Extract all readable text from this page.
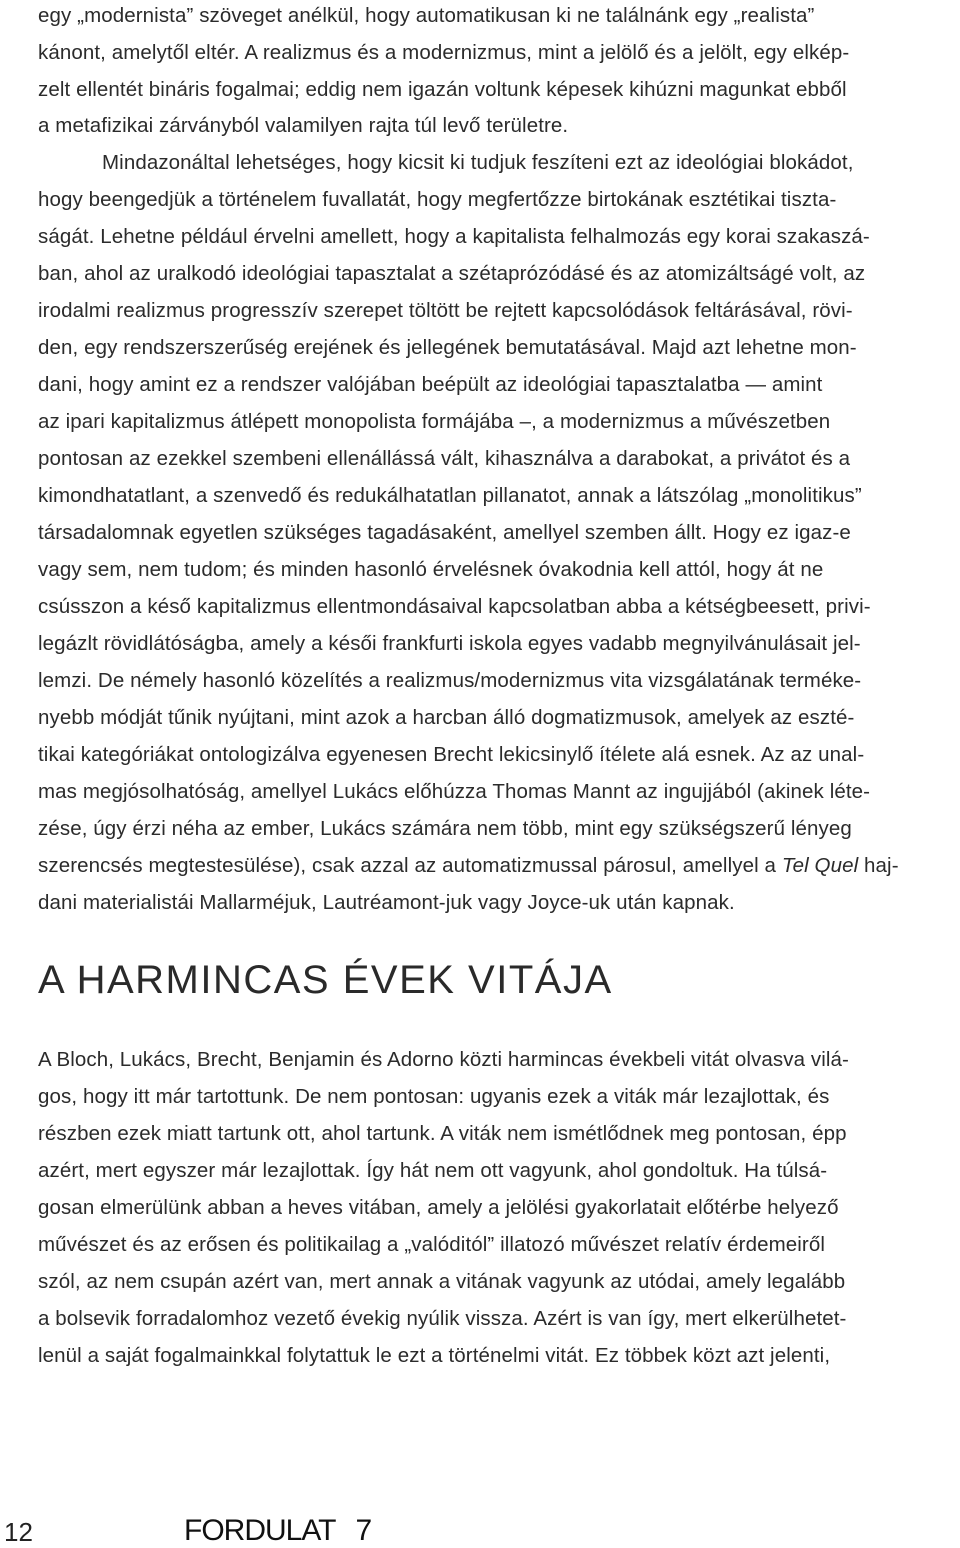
egy „modernista” szöveget anélkül, hogy automatikusan ki ne találnánk egy „realista”
kánont, amelytől eltér. A realizmus és a modernizmus, mint a jelölő és a jelölt, egy elkép-
zelt ellentét bináris fogalmai; eddig nem igazán voltunk képesek kihúzni magunkat ebből
a metafizikai zárványból valamilyen rajta túl levő területre.
Mindazonáltal lehetséges, hogy kicsit ki tudjuk feszíteni ezt az ideológiai blokádot,
hogy beengedjük a történelem fuvallatát, hogy megfertőzze birtokának esztétikai tiszta-
ságát. Lehetne például érvelni amellett, hogy a kapitalista felhalmozás egy korai szakaszá-
ban, ahol az uralkodó ideológiai tapasztalat a szétaprózódásé és az atomizáltságé volt, az
irodalmi realizmus progresszív szerepet töltött be rejtett kapcsolódások feltárásával, rövi-
den, egy rendszerszerűség erejének és jellegének bemutatásával. Majd azt lehetne mon-
dani, hogy amint ez a rendszer valójában beépült az ideológiai tapasztalatba — amint
az ipari kapitalizmus átlépett monopolista formájába –, a modernizmus a művészetben
pontosan az ezekkel szembeni ellenállássá vált, kihasználva a darabokat, a privátot és a
kimondhatatlant, a szenvedő és redukálhatatlan pillanatot, annak a látszólag „monolitikus”
társadalomnak egyetlen szükséges tagadásaként, amellyel szemben állt. Hogy ez igaz-e
vagy sem, nem tudom; és minden hasonló érvelésnek óvakodnia kell attól, hogy át ne
csússzon a késő kapitalizmus ellentmondásaival kapcsolatban abba a kétségbeesett, privi-
legázlt rövidlátóságba, amely a késői frankfurti iskola egyes vadabb megnyilvánulásait jel-
lemzi. De némely hasonló közelítés a realizmus/modernizmus vita vizsgálatának terméke-
nyebb módját tűnik nyújtani, mint azok a harcban álló dogmatizmusok, amelyek az eszté-
tikai kategóriákat ontologizálva egyenesen Brecht lekicsinylő ítélete alá esnek. Az az unal-
mas megjósolhatóság, amellyel Lukács előhúzza Thomas Mannt az ingujjából (akinek léte-
zése, úgy érzi néha az ember, Lukács számára nem több, mint egy szükségszerű lényeg
szerencsés megtestesülése), csak azzal az automatizmussal párosul, amellyel a Tel Quel haj-
dani materialistái Mallarméjuk, Lautréamont-juk vagy Joyce-uk után kapnak.
A HARMINCAS ÉVEK VITÁJA
A Bloch, Lukács, Brecht, Benjamin és Adorno közti harmincas évekbeli vitát olvasva vilá-
gos, hogy itt már tartottunk. De nem pontosan: ugyanis ezek a viták már lezajlottak, és
részben ezek miatt tartunk ott, ahol tartunk. A viták nem ismétlődnek meg pontosan, épp
azért, mert egyszer már lezajlottak. Így hát nem ott vagyunk, ahol gondoltuk. Ha túlsá-
gosan elmerülünk abban a heves vitában, amely a jelölési gyakorlatait előtérbe helyező
művészet és az erősen és politikailag a „valóditól” illatozó művészet relatív érdemeiről
szól, az nem csupán azért van, mert annak a vitának vagyunk az utódai, amely legalább
a bolsevik forradalomhoz vezető évekig nyúlik vissza. Azért is van így, mert elkerülhetet-
lenül a saját fogalmainkkal folytattuk le ezt a történelmi vitát. Ez többek közt azt jelenti,
12	FORDULAT 7
